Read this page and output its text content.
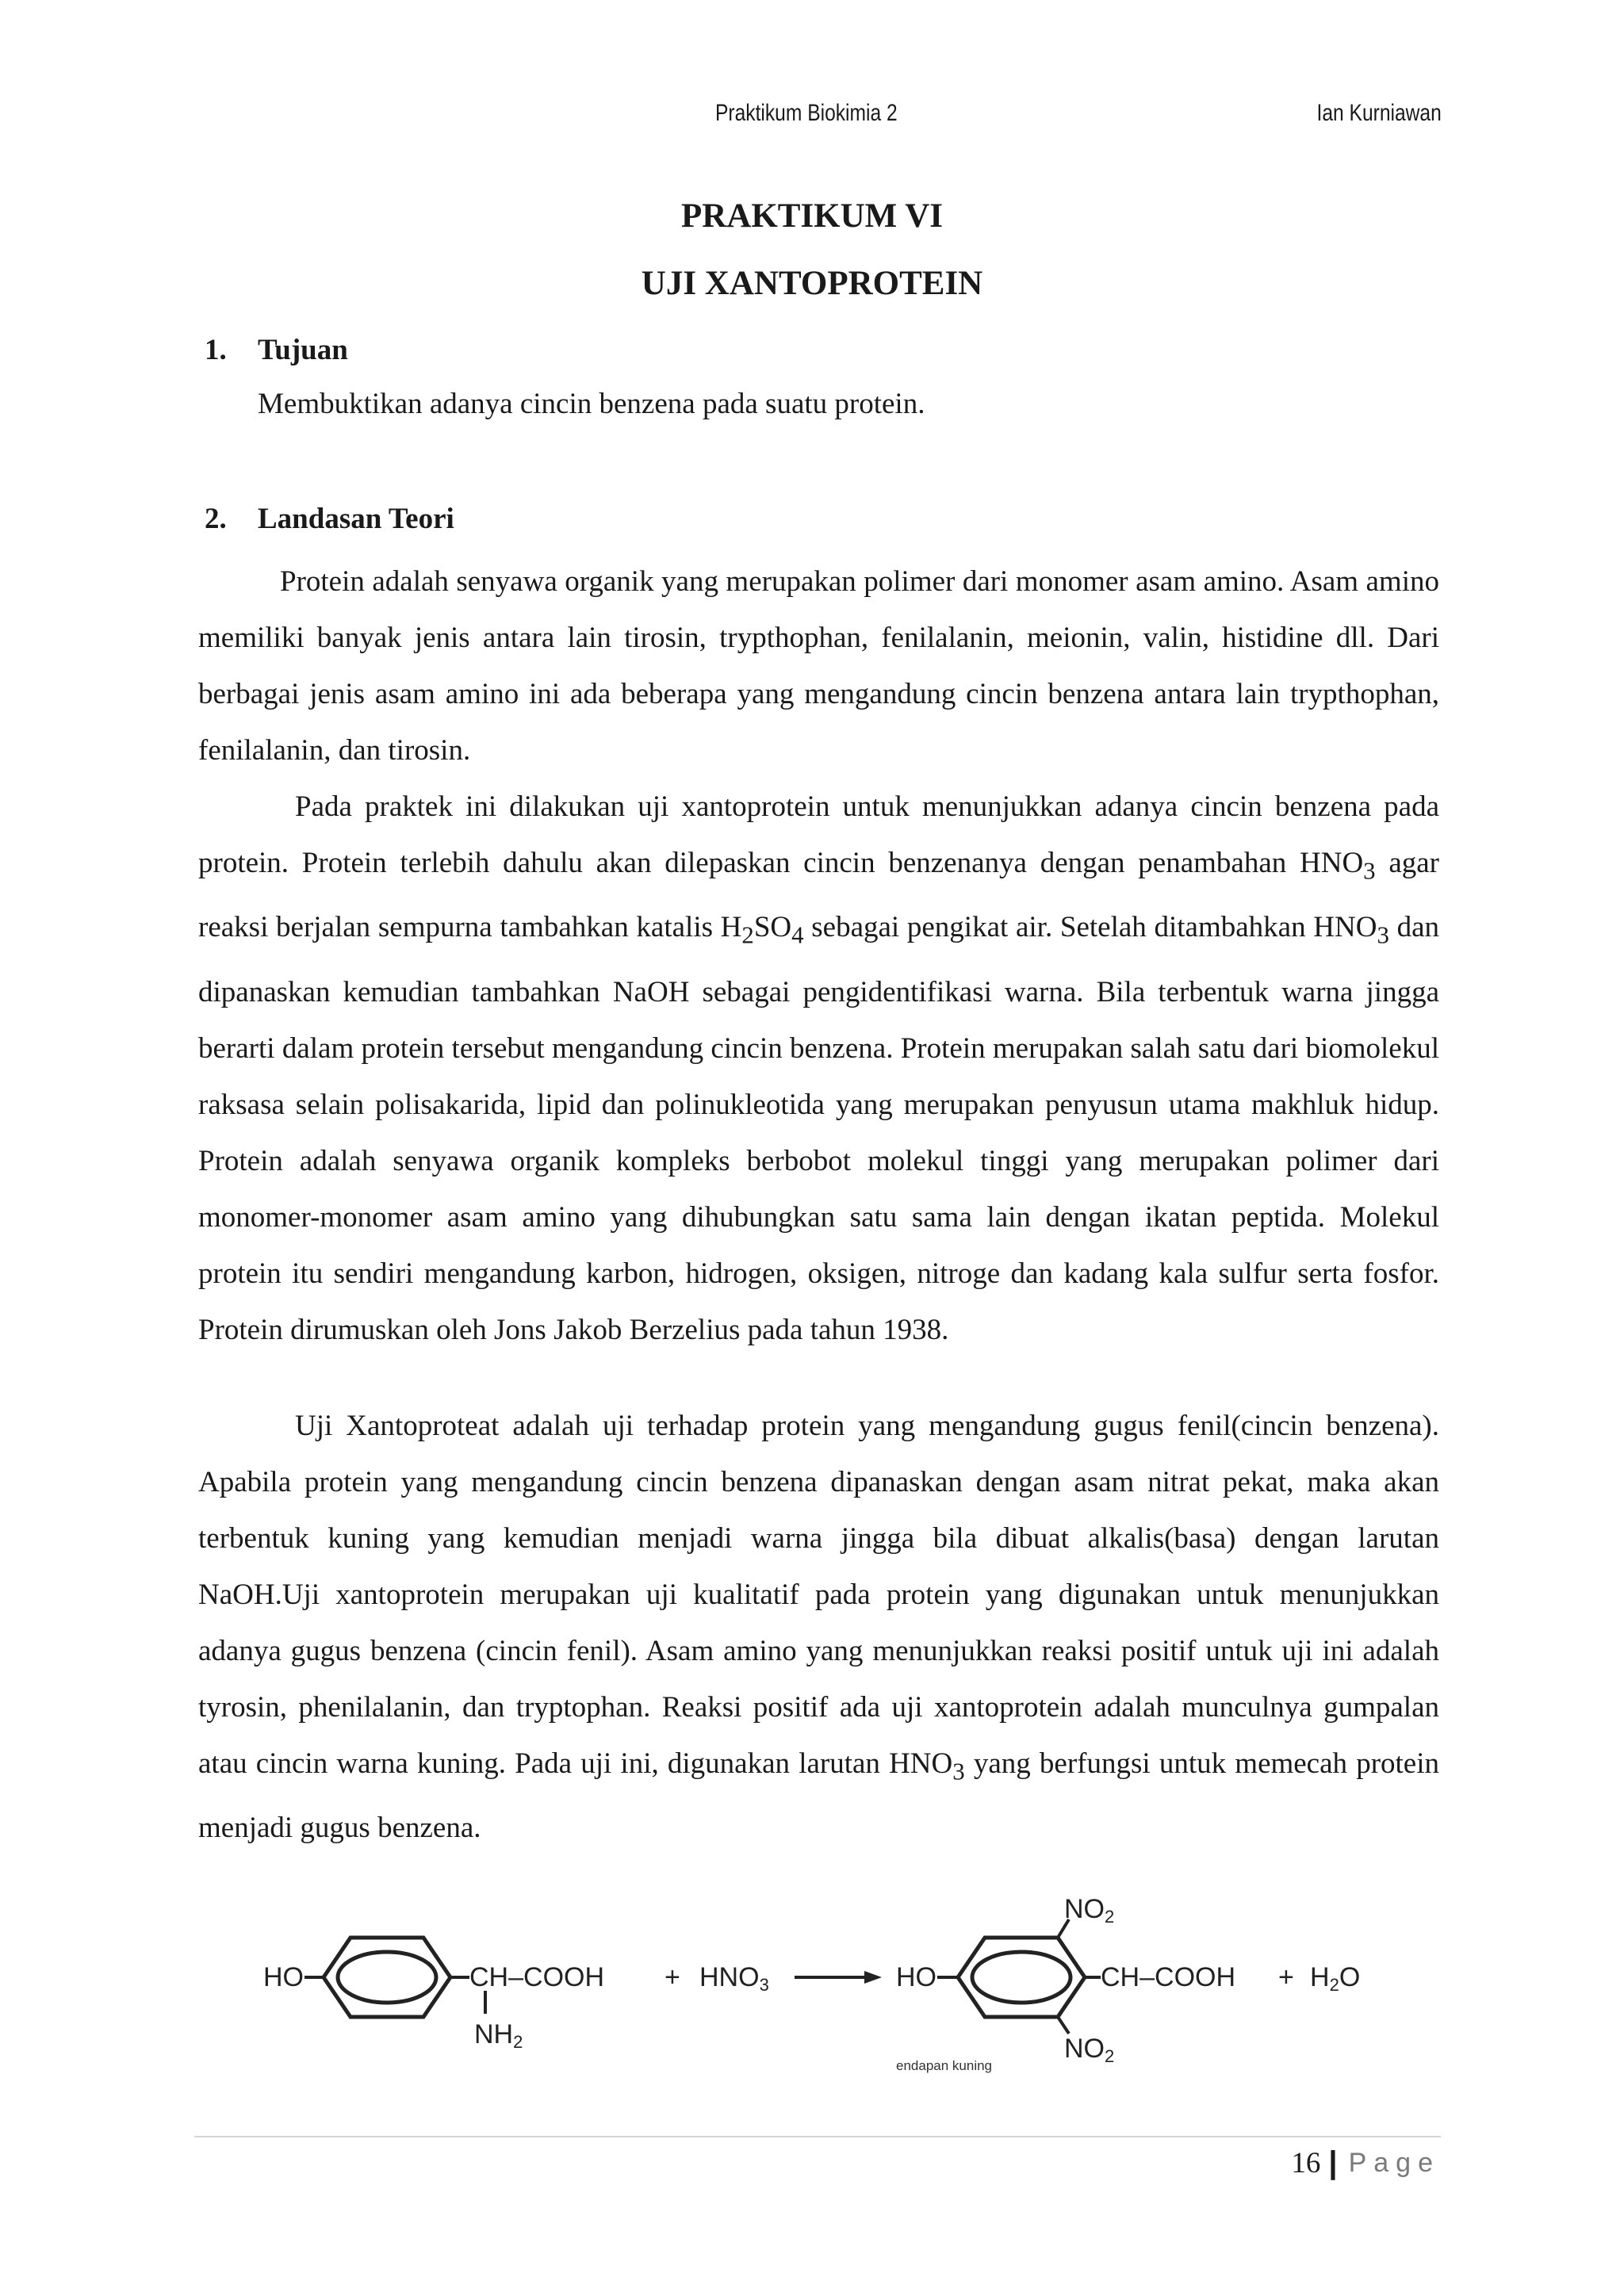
Praktikum Biokimia 2	Ian Kurniawan
PRAKTIKUM VI
UJI XANTOPROTEIN
1. Tujuan
Membuktikan adanya cincin benzena pada suatu protein.
2. Landasan Teori

Protein adalah senyawa organik yang merupakan polimer dari monomer asam amino. Asam amino memiliki banyak jenis antara lain tirosin, trypthophan, fenilalanin, meionin, valin, histidine dll. Dari berbagai jenis asam amino ini ada beberapa yang mengandung cincin benzena antara lain trypthophan, fenilalanin, dan tirosin.

Pada praktek ini dilakukan uji xantoprotein untuk menunjukkan adanya cincin benzena pada protein. Protein terlebih dahulu akan dilepaskan cincin benzenanya dengan penambahan $HNO_3$ agar reaksi berjalan sempurna tambahkan katalis $H_2SO_4$ sebagai pengikat air. Setelah ditambahkan $HNO_3$ dan dipanaskan kemudian tambahkan NaOH sebagai pengidentifikasi warna. Bila terbentuk warna jingga berarti dalam protein tersebut mengandung cincin benzena. Protein merupakan salah satu dari biomolekul raksasa selain polisakarida, lipid dan polinukleotida yang merupakan penyusun utama makhluk hidup. Protein adalah senyawa organik kompleks berbobot molekul tinggi yang merupakan polimer dari monomer-monomer asam amino yang dihubungkan satu sama lain dengan ikatan peptida. Molekul protein itu sendiri mengandung karbon, hidrogen, oksigen, nitroge dan kadang kala sulfur serta fosfor. Protein dirumuskan oleh Jons Jakob Berzelius pada tahun 1938.

Uji Xantoproteat adalah uji terhadap protein yang mengandung gugus fenil(cincin benzena). Apabila protein yang mengandung cincin benzena dipanaskan dengan asam nitrat pekat, maka akan terbentuk kuning yang kemudian menjadi warna jingga bila dibuat alkalis(basa) dengan larutan NaOH.Uji xantoprotein merupakan uji kualitatif pada protein yang digunakan untuk menunjukkan adanya gugus benzena (cincin fenil). Asam amino yang menunjukkan reaksi positif untuk uji ini adalah tyrosin, phenilalanin, dan tryptophan. Reaksi positif ada uji xantoprotein adalah munculnya gumpalan atau cincin warna kuning. Pada uji ini, digunakan larutan $HNO_3$ yang berfungsi untuk memecah protein menjadi gugus benzena.

HO	CH–COOH
NH2
+ HNO3	HO
NO2
NO2
CH–COOH + H2O
endapan kuning
16 | Page
